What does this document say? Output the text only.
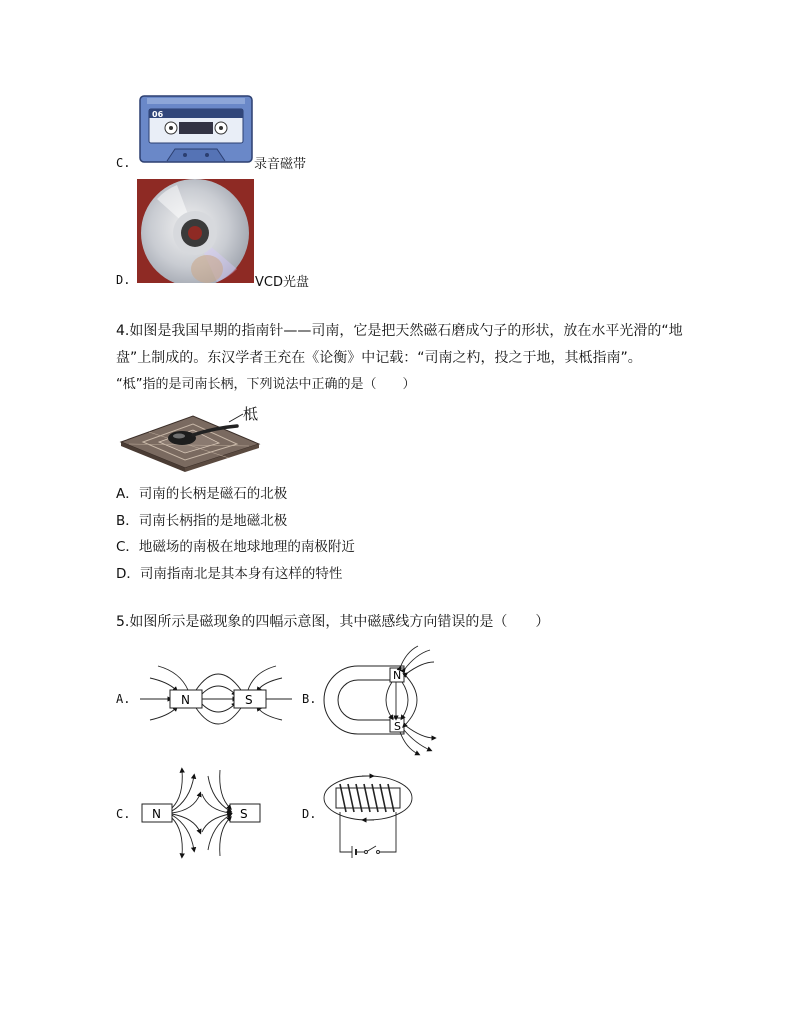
C.
06
录音磁带
D.	VCD光盘
4.如图是我国早期的指南针——司南，它是把天然磁石磨成勺子的形状，放在水平光滑的“地
盘”上制成的。东汉学者王充在《论衡》中记载：“司南之杓，投之于地，其柢指南”。
“柢”指的是司南长柄，下列说法中正确的是（　　）
柢
A．司南的长柄是磁石的北极
B．司南长柄指的是地磁北极
C．地磁场的南极在地球地理的南极附近
D．司南指南北是其本身有这样的特性
5.如图所示是磁现象的四幅示意图，其中磁感线方向错误的是（　　）
A.	N	S	B.
N
S
C. N	S	D.
